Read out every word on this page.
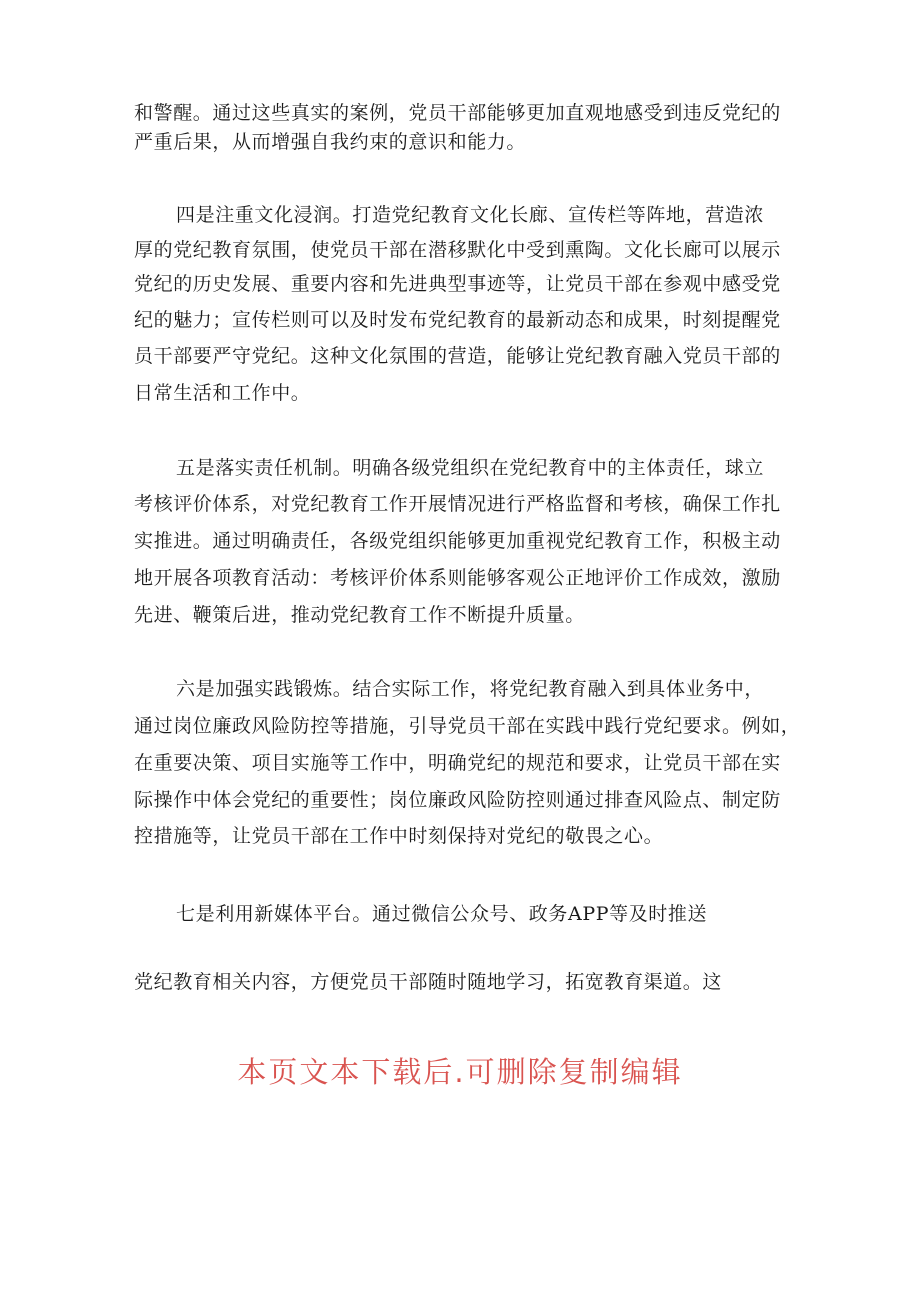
和警醒。通过这些真实的案例，党员干部能够更加直观地感受到违反党纪的
严重后果，从而增强自我约束的意识和能力。
四是注重文化浸润。打造党纪教育文化长廊、宣传栏等阵地，营造浓
厚的党纪教育氛围，使党员干部在潜移默化中受到熏陶。文化长廊可以展示
党纪的历史发展、重要内容和先进典型事迹等，让党员干部在参观中感受党
纪的魅力；宣传栏则可以及时发布党纪教育的最新动态和成果，时刻提醒党
员干部要严守党纪。这种文化氛围的营造，能够让党纪教育融入党员干部的
日常生活和工作中。
五是落实责任机制。明确各级党组织在党纪教育中的主体责任，球立
考核评价体系，对党纪教育工作开展情况进行严格监督和考核，确保工作扎
实推进。通过明确责任，各级党组织能够更加重视党纪教育工作，积极主动
地开展各项教育活动：考核评价体系则能够客观公正地评价工作成效，激励
先进、鞭策后进，推动党纪教育工作不断提升质量。
六是加强实践锻炼。结合实际工作，将党纪教育融入到具体业务中，
通过岗位廉政风险防控等措施，引导党员干部在实践中践行党纪要求。例如，
在重要决策、项目实施等工作中，明确党纪的规范和要求，让党员干部在实
际操作中体会党纪的重要性；岗位廉政风险防控则通过排查风险点、制定防
控措施等，让党员干部在工作中时刻保持对党纪的敬畏之心。
七是利用新媒体平台。通过微信公众号、政务APP等及时推送
党纪教育相关内容，方便党员干部随时随地学习，拓宽教育渠道。这
本页文本下载后.可删除复制编辑
